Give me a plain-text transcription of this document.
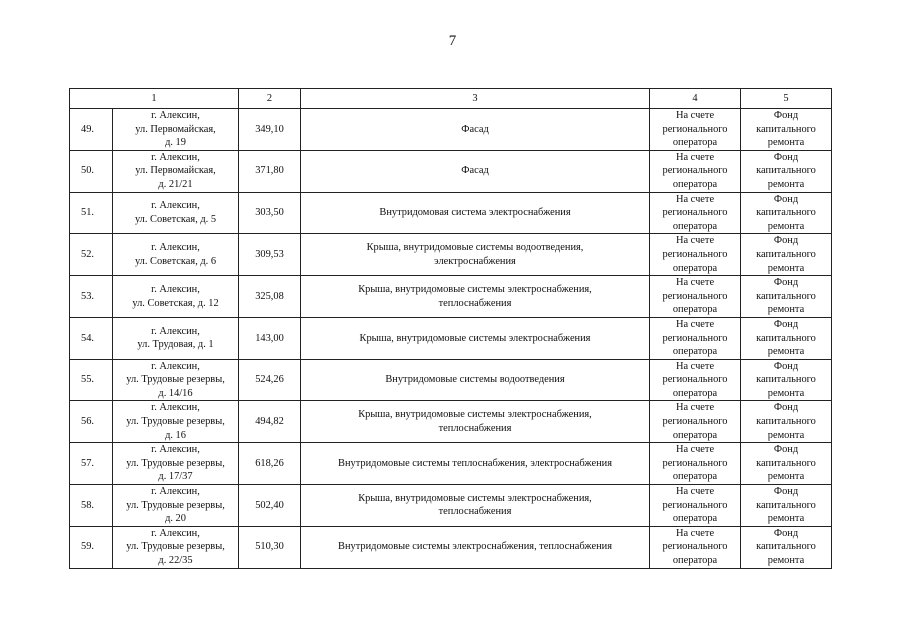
7
1		2	3	4	5
49.	г. Алексин,
ул. Первомайская,
д. 19	349,10	Фасад	На счете
регионального
оператора	Фонд
капитального
ремонта
50.	г. Алексин,
ул. Первомайская,
д. 21/21	371,80	Фасад	На счете
регионального
оператора	Фонд
капитального
ремонта
51.	г. Алексин,
ул. Советская, д. 5	303,50	Внутридомовая система электроснабжения	На счете
регионального
оператора	Фонд
капитального
ремонта
52.	г. Алексин,
ул. Советская, д. 6	309,53	Крыша, внутридомовые системы водоотведения,
электроснабжения	На счете
регионального
оператора	Фонд
капитального
ремонта
53.	г. Алексин,
ул. Советская, д. 12	325,08	Крыша, внутридомовые системы электроснабжения,
теплоснабжения	На счете
регионального
оператора	Фонд
капитального
ремонта
54.	г. Алексин,
ул. Трудовая, д. 1	143,00	Крыша, внутридомовые системы электроснабжения	На счете
регионального
оператора	Фонд
капитального
ремонта
55.	г. Алексин,
ул. Трудовые резервы,
д. 14/16	524,26	Внутридомовые системы водоотведения	На счете
регионального
оператора	Фонд
капитального
ремонта
56.	г. Алексин,
ул. Трудовые резервы,
д. 16	494,82	Крыша, внутридомовые системы электроснабжения,
теплоснабжения	На счете
регионального
оператора	Фонд
капитального
ремонта
57.	г. Алексин,
ул. Трудовые резервы,
д. 17/37	618,26	Внутридомовые системы теплоснабжения, электроснабжения	На счете
регионального
оператора	Фонд
капитального
ремонта
58.	г. Алексин,
ул. Трудовые резервы,
д. 20	502,40	Крыша, внутридомовые системы электроснабжения,
теплоснабжения	На счете
регионального
оператора	Фонд
капитального
ремонта
59.	г. Алексин,
ул. Трудовые резервы,
д. 22/35	510,30	Внутридомовые системы электроснабжения, теплоснабжения	На счете
регионального
оператора	Фонд
капитального
ремонта
